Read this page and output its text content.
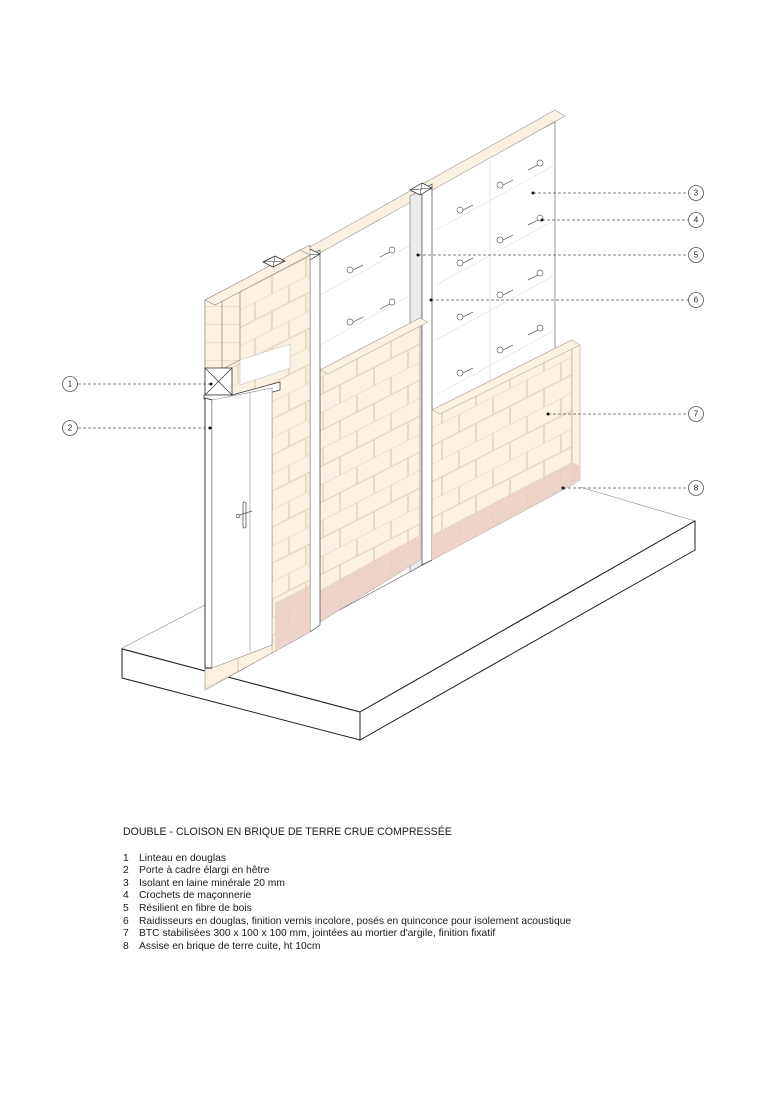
1
2
3
4
5
6
7
8
DOUBLE - CLOISON EN BRIQUE DE TERRE CRUE COMPRESSÉE
1 Linteau en douglas
2 Porte à cadre élargi en hêtre
3 Isolant en laine minérale 20 mm
4 Crochets de maçonnerie
5 Résilient en fibre de bois
6 Raidisseurs en douglas, finition vernis incolore, posés en quinconce pour isolement acoustique
7 BTC stabilisées 300 x 100 x 100 mm, jointées au mortier d'argile, finition fixatif
8 Assise en brique de terre cuite, ht 10cm
